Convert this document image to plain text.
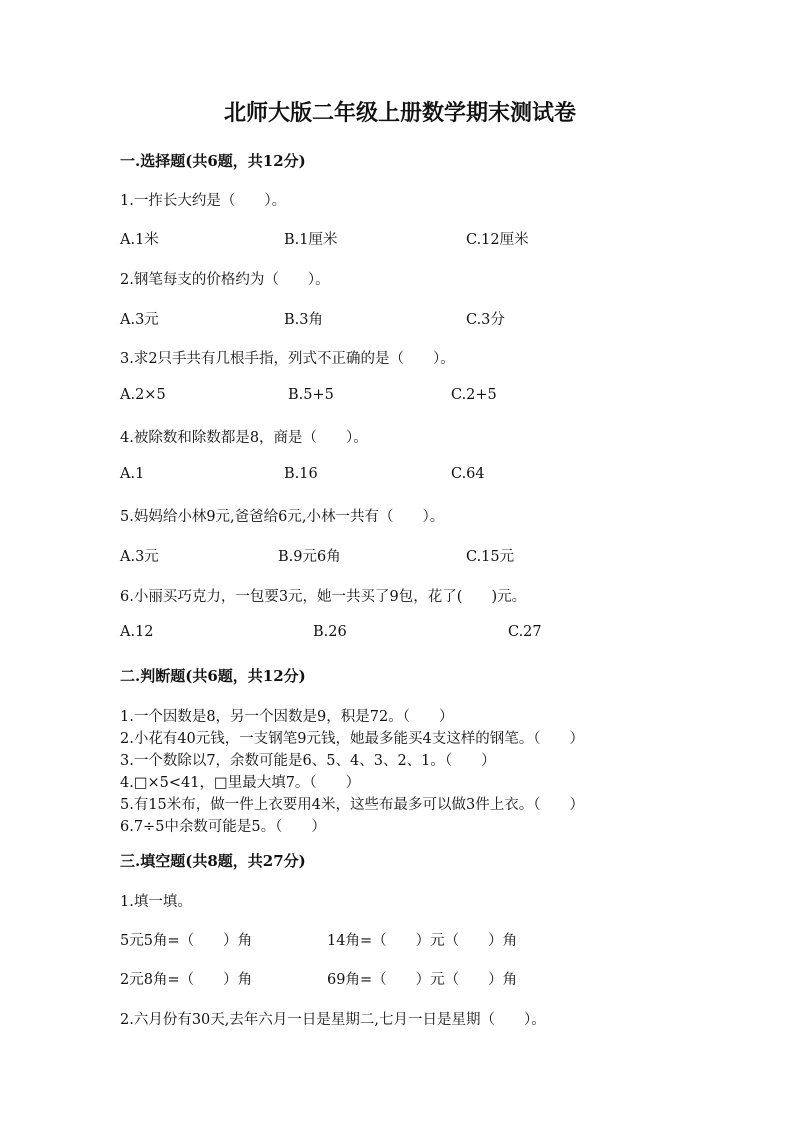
北师大版二年级上册数学期末测试卷
一.选择题(共6题，共12分)
1.一拃长大约是（　　）。
A.1米	B.1厘米	C.12厘米
2.钢笔每支的价格约为（　　）。
A.3元	B.3角	C.3分
3.求2只手共有几根手指，列式不正确的是（　　）。
A.2×5	B.5+5	C.2+5
4.被除数和除数都是8，商是（　　）。
A.1	B.16	C.64
5.妈妈给小林9元,爸爸给6元,小林一共有（　　）。
A.3元	B.9元6角	C.15元
6.小丽买巧克力，一包要3元，她一共买了9包，花了(　　)元。
A.12	B.26	C.27
二.判断题(共6题，共12分)
1.一个因数是8，另一个因数是9，积是72。（　　）
2.小花有40元钱，一支钢笔9元钱，她最多能买4支这样的钢笔。（　　）
3.一个数除以7，余数可能是6、5、4、3、2、1。（　　）
4.□×5<41，□里最大填7。（　　）
5.有15米布，做一件上衣要用4米，这些布最多可以做3件上衣。（　　）
6.7÷5中余数可能是5。（　　）
三.填空题(共8题，共27分)
1.填一填。
5元5角=（　　）角	14角=（　　）元（　　）角
2元8角=（　　）角	69角=（　　）元（　　）角
2.六月份有30天,去年六月一日是星期二,七月一日是星期（　　）。
